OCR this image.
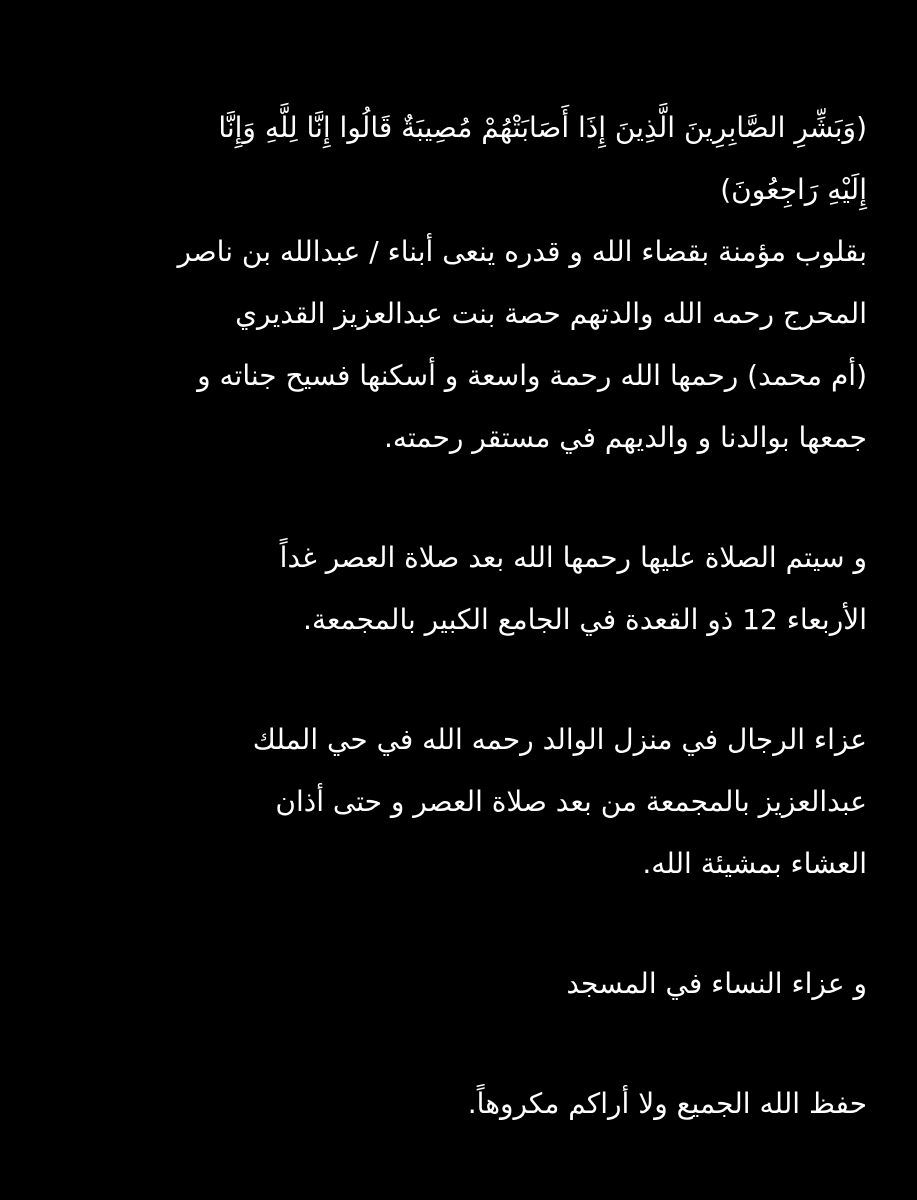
(وَبَشِّرِ الصَّابِرِينَ الَّذِينَ إِذَا أَصَابَتْهُمْ مُصِيبَةٌ قَالُوا إِنَّا لِلَّهِ وَإِنَّا
إِلَيْهِ رَاجِعُونَ)
بقلوب مؤمنة بقضاء الله و قدره ينعى أبناء / عبدالله بن ناصر
المحرج رحمه الله والدتهم حصة بنت عبدالعزيز القديري
(أم محمد) رحمها الله رحمة واسعة و أسكنها فسيح جناته و
جمعها بوالدنا و والديهم في مستقر رحمته.
و سيتم الصلاة عليها رحمها الله بعد صلاة العصر غداً
الأربعاء 12 ذو القعدة في الجامع الكبير بالمجمعة.
عزاء الرجال في منزل الوالد رحمه الله في حي الملك
عبدالعزيز بالمجمعة من بعد صلاة العصر و حتى أذان
العشاء بمشيئة الله.
و عزاء النساء في المسجد
حفظ الله الجميع ولا أراكم مكروهاً.
